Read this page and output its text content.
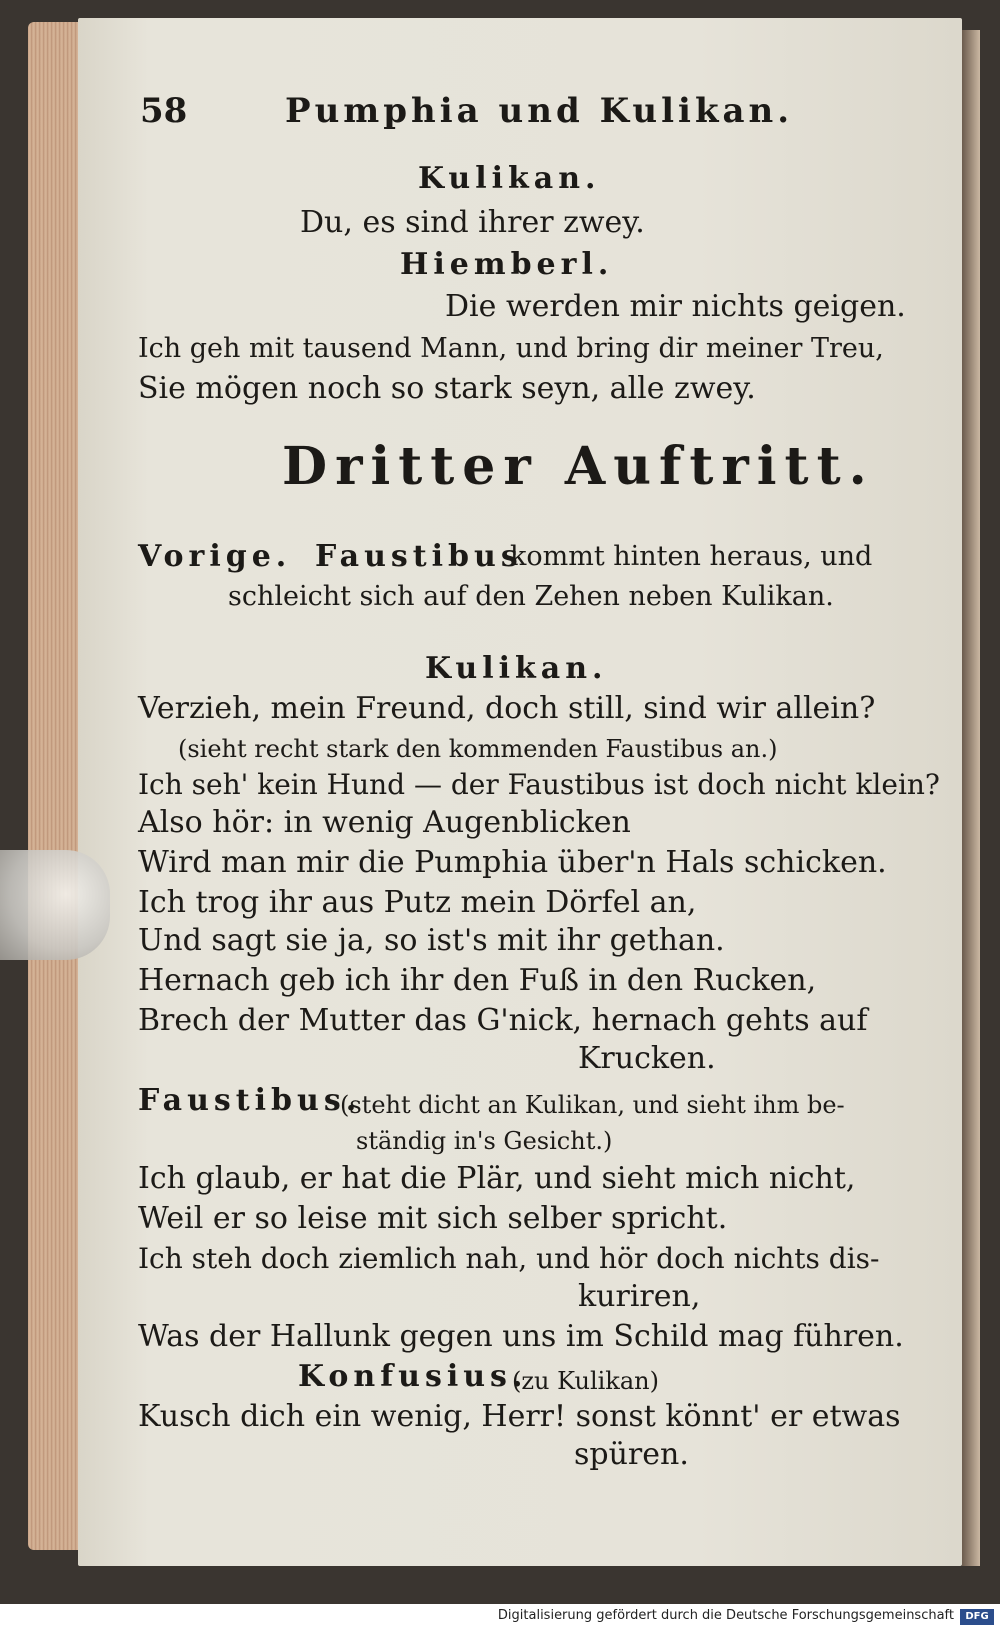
58	Pumphia und Kulikan.
Kulikan.
Du, es sind ihrer zwey.
Hiemberl.
Die werden mir nichts geigen.
Ich geh mit tausend Mann, und bring dir meiner Treu,
Sie mögen noch so stark seyn, alle zwey.
Dritter Auftritt.
Vorige. Faustibus
kommt hinten heraus, und
schleicht sich auf den Zehen neben Kulikan.
Kulikan.
Verzieh, mein Freund, doch still, sind wir allein?
(sieht recht stark den kommenden Faustibus an.)
Ich seh' kein Hund — der Faustibus ist doch nicht klein?
Also hör: in wenig Augenblicken
Wird man mir die Pumphia über'n Hals schicken.
Ich trog ihr aus Putz mein Dörfel an,
Und sagt sie ja, so ist's mit ihr gethan.
Hernach geb ich ihr den Fuß in den Rucken,
Brech der Mutter das G'nick, hernach gehts auf
Krucken.
Faustibus.
(steht dicht an Kulikan, und sieht ihm be-
ständig in's Gesicht.)
Ich glaub, er hat die Plär, und sieht mich nicht,
Weil er so leise mit sich selber spricht.
Ich steh doch ziemlich nah, und hör doch nichts dis-
kuriren,
Was der Hallunk gegen uns im Schild mag führen.
Konfusius.
(zu Kulikan)
Kusch dich ein wenig, Herr! sonst könnt' er etwas
spüren.
Digitalisierung gefördert durch die Deutsche Forschungsgemeinschaft	DFG
